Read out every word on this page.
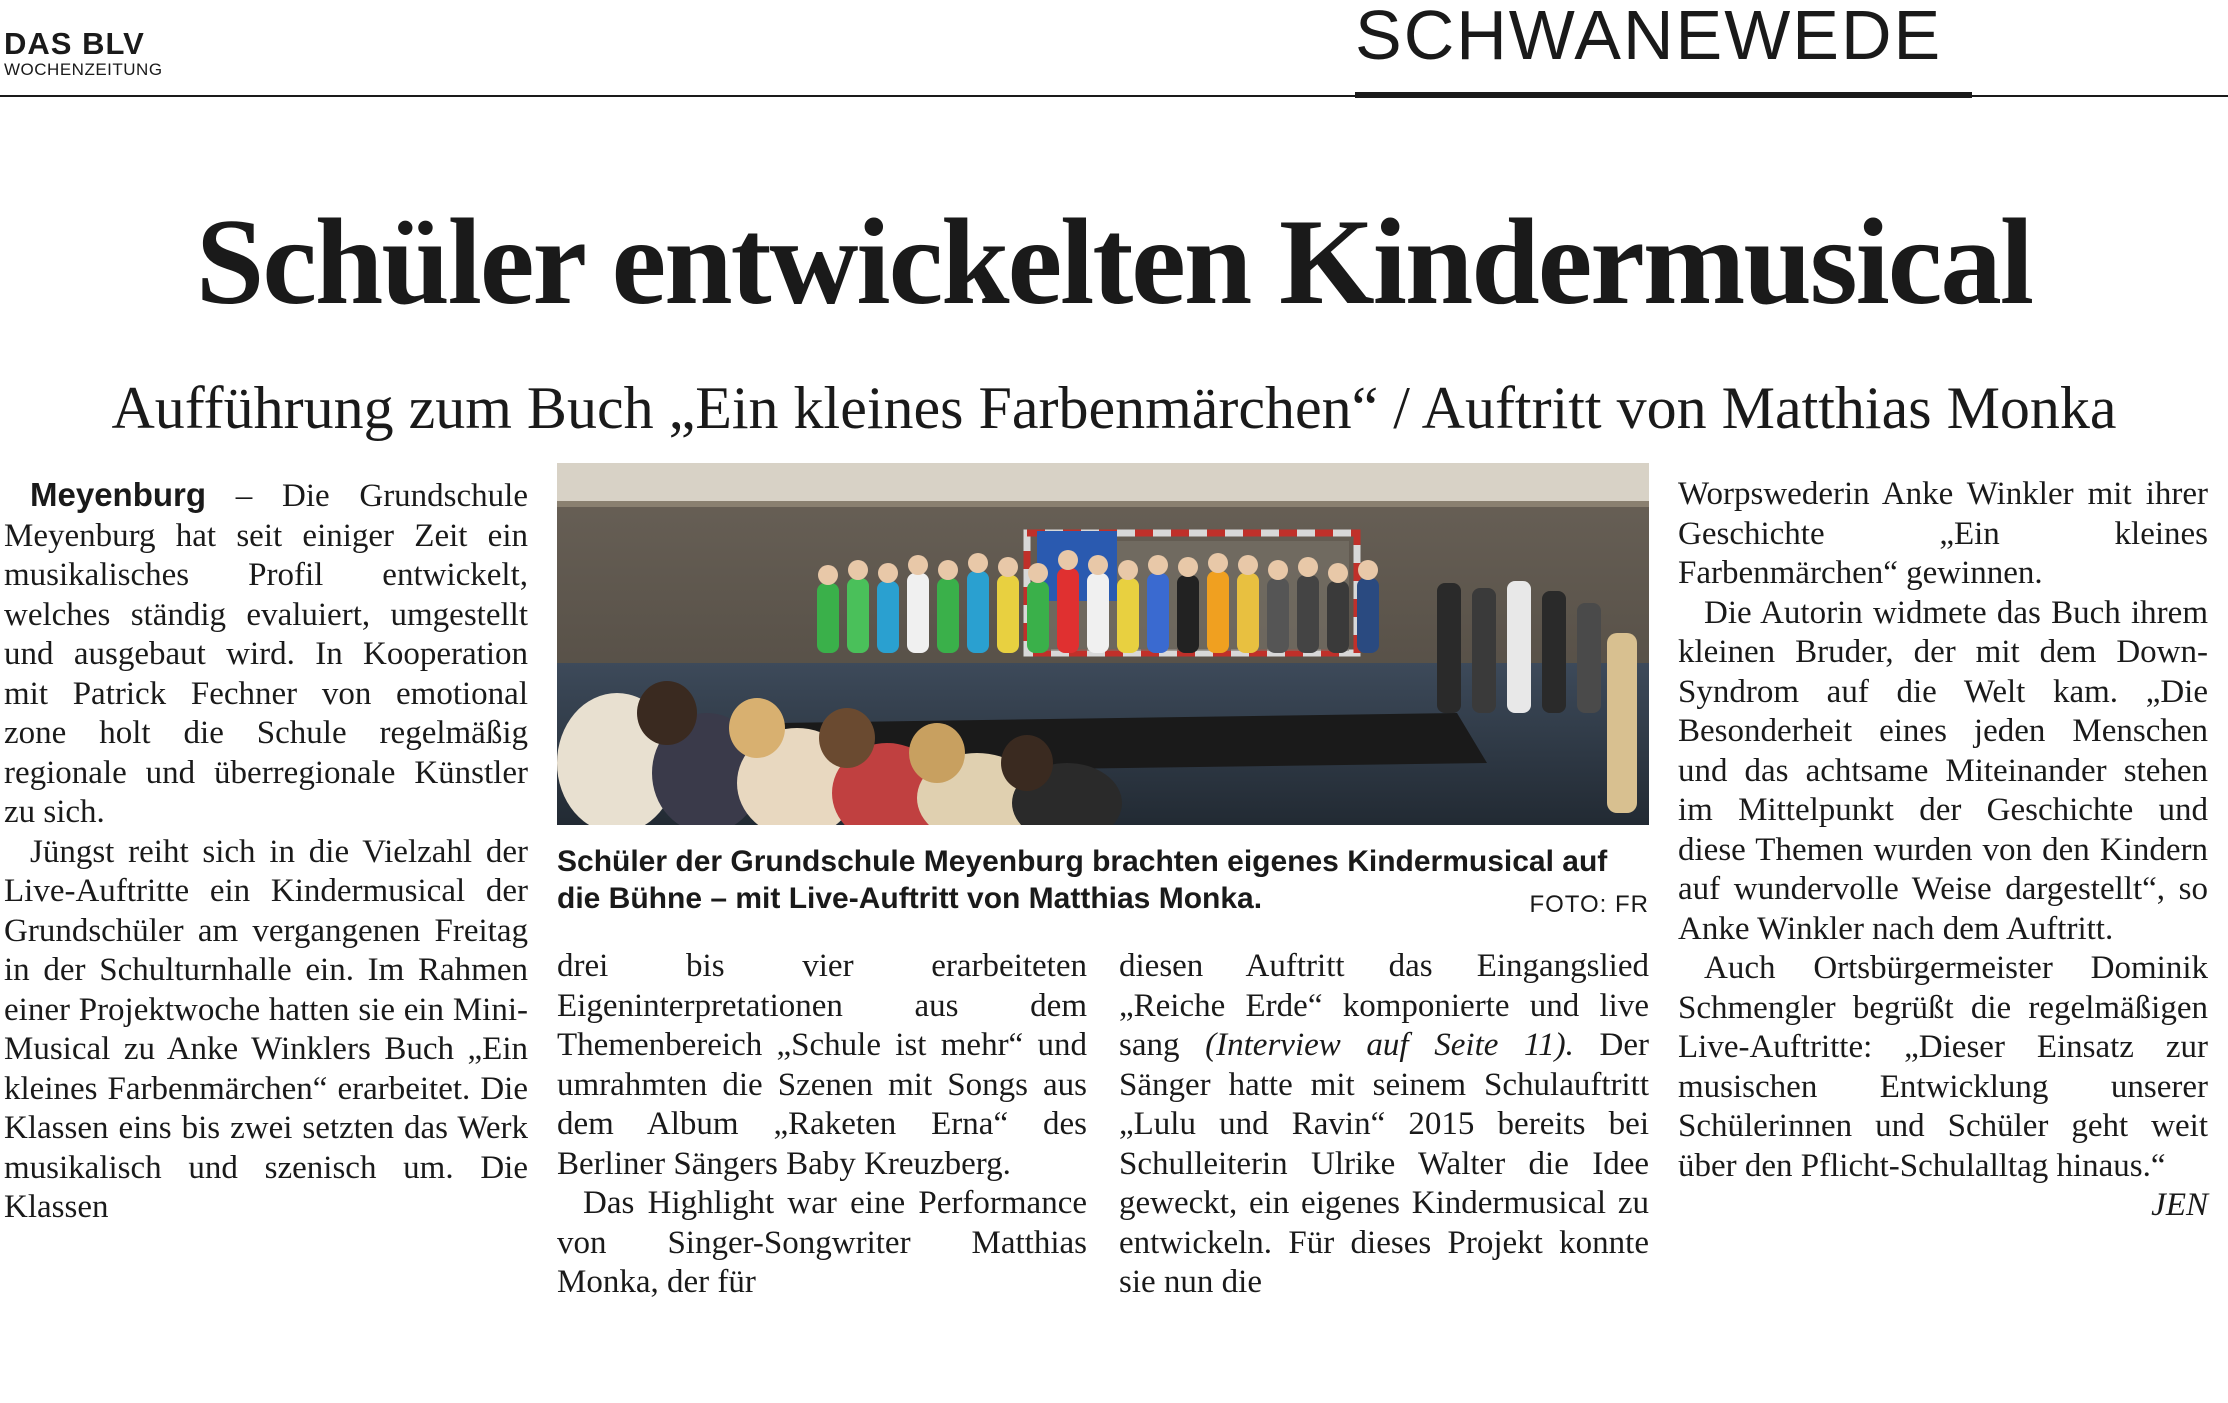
DAS BLV
WOCHENZEITUNG	SCHWANEWEDE
Schüler entwickelten Kindermusical
Aufführung zum Buch „Ein kleines Farbenmärchen“ / Auftritt von Matthias Monka

Meyenburg – Die Grundschule Meyenburg hat seit einiger Zeit ein musikalisches Profil entwickelt, welches ständig evaluiert, umgestellt und ausgebaut wird. In Kooperation mit Patrick Fechner von emotional zone holt die Schule regelmäßig regionale und überregionale Künstler zu sich.

Jüngst reiht sich in die Vielzahl der Live-Auftritte ein Kindermusical der Grundschüler am vergangenen Freitag in der Schulturnhalle ein. Im Rahmen einer Projektwoche hatten sie ein Mini-Musical zu Anke Winklers Buch „Ein kleines Farbenmärchen“ erarbeitet. Die Klassen eins bis zwei setzten das Werk musikalisch und szenisch um. Die Klassen

Schüler der Grundschule Meyenburg brachten eigenes Kindermusical auf die Bühne – mit Live-Auftritt von Matthias Monka.	FOTO: FR

drei bis vier erarbeiteten Eigeninterpretationen aus dem Themenbereich „Schule ist mehr“ und umrahmten die Szenen mit Songs aus dem Album „Raketen Erna“ des Berliner Sängers Baby Kreuzberg.

Das Highlight war eine Performance von Singer-Songwriter Matthias Monka, der für

diesen Auftritt das Eingangslied „Reiche Erde“ komponierte und live sang (Interview auf Seite 11). Der Sänger hatte mit seinem Schulauftritt „Lulu und Ravin“ 2015 bereits bei Schulleiterin Ulrike Walter die Idee geweckt, ein eigenes Kindermusical zu entwickeln. Für dieses Projekt konnte sie nun die

Worpswederin Anke Winkler mit ihrer Geschichte „Ein kleines Farbenmärchen“ gewinnen.

Die Autorin widmete das Buch ihrem kleinen Bruder, der mit dem Down-Syndrom auf die Welt kam. „Die Besonderheit eines jeden Menschen und das achtsame Miteinander stehen im Mittelpunkt der Geschichte und diese Themen wurden von den Kindern auf wundervolle Weise dargestellt“, so Anke Winkler nach dem Auftritt.

Auch Ortsbürgermeister Dominik Schmengler begrüßt die regelmäßigen Live-Auftritte: „Dieser Einsatz zur musischen Entwicklung unserer Schülerinnen und Schüler geht weit über den Pflicht-Schulalltag hinaus.“
JEN
